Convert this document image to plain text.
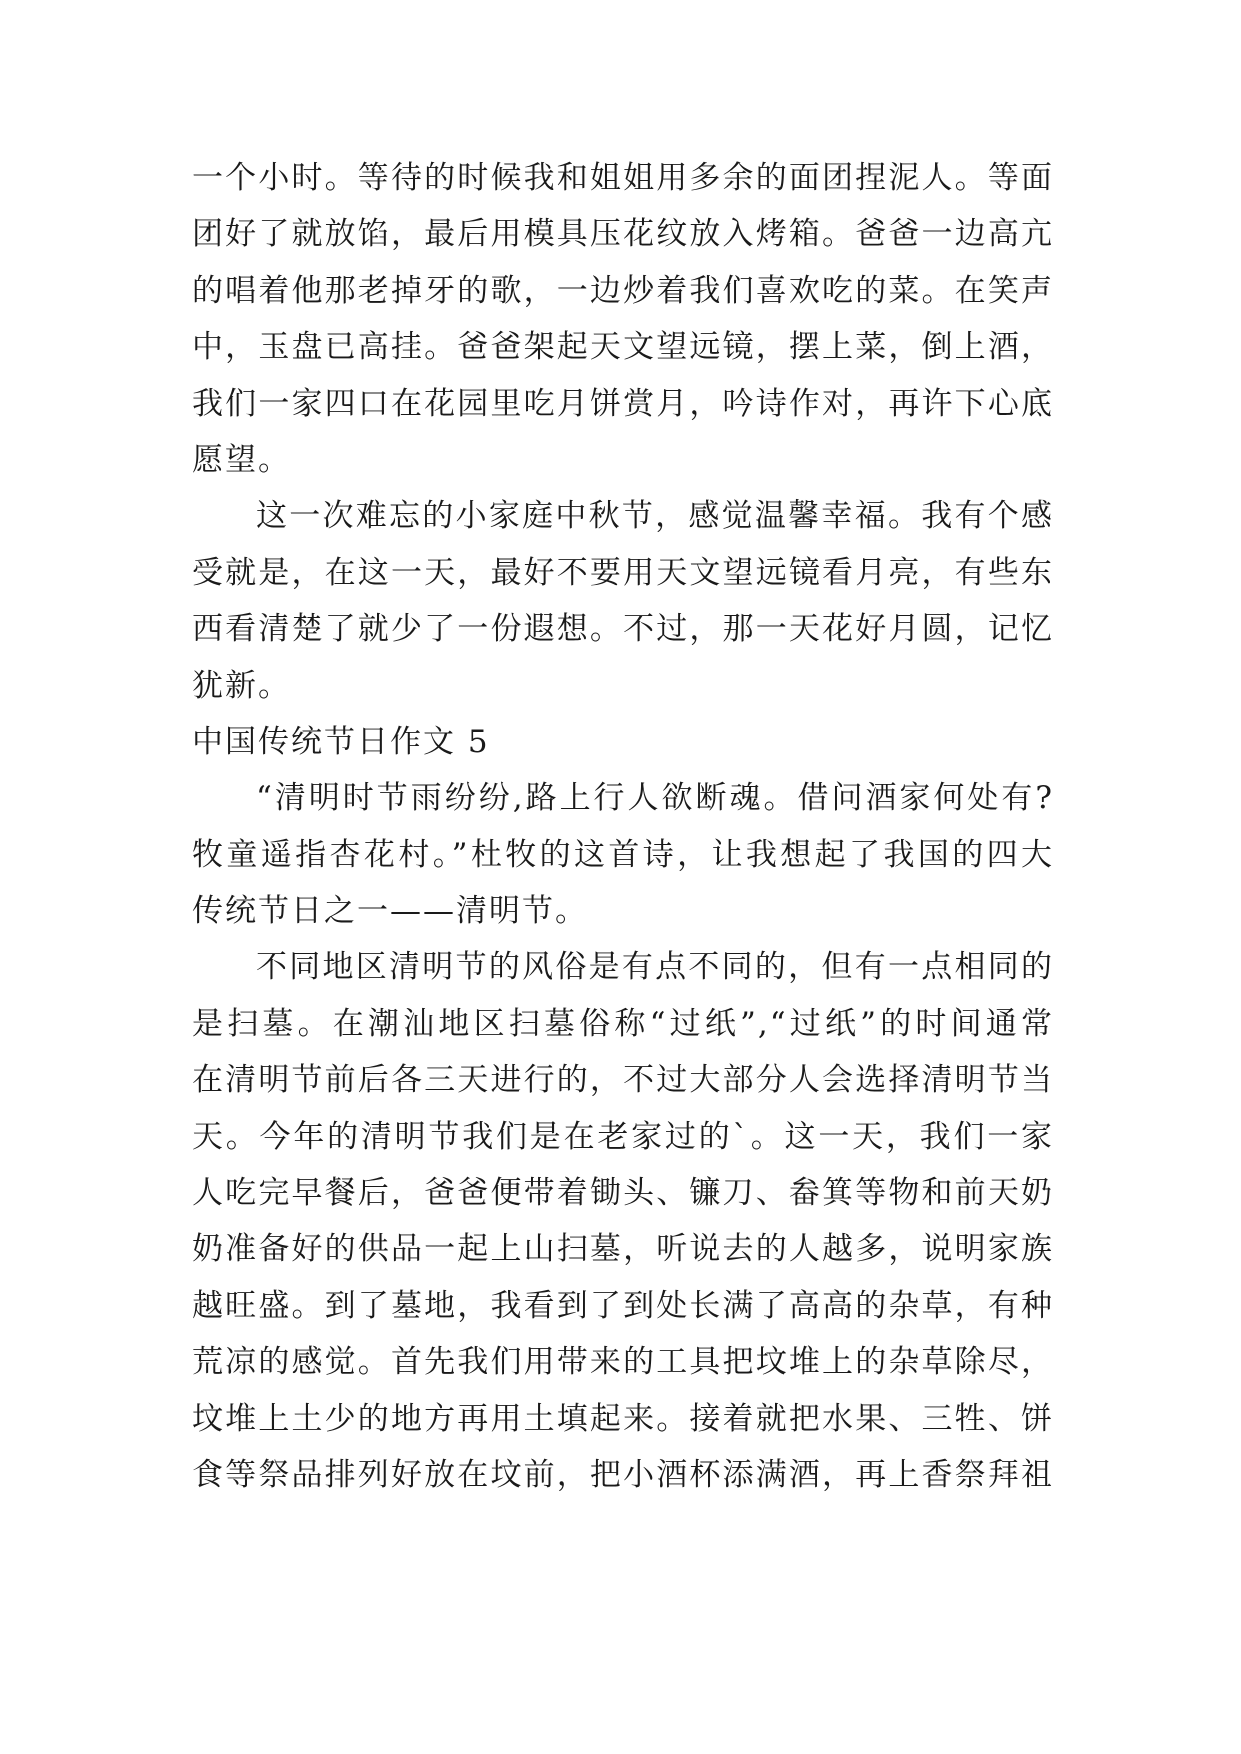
一个小时。等待的时候我和姐姐用多余的面团捏泥人。等面
团好了就放馅，最后用模具压花纹放入烤箱。爸爸一边高亢
的唱着他那老掉牙的歌，一边炒着我们喜欢吃的菜。在笑声
中，玉盘已高挂。爸爸架起天文望远镜，摆上菜，倒上酒，
我们一家四口在花园里吃月饼赏月，吟诗作对，再许下心底
愿望。
这一次难忘的小家庭中秋节，感觉温馨幸福。我有个感
受就是，在这一天，最好不要用天文望远镜看月亮，有些东
西看清楚了就少了一份遐想。不过，那一天花好月圆，记忆
犹新。
中国传统节日作文 5
“清明时节雨纷纷,路上行人欲断魂。借问酒家何处有?
牧童遥指杏花村。”杜牧的这首诗，让我想起了我国的四大
传统节日之一——清明节。
不同地区清明节的风俗是有点不同的，但有一点相同的
是扫墓。在潮汕地区扫墓俗称“过纸”,“过纸”的时间通常
在清明节前后各三天进行的，不过大部分人会选择清明节当
天。今年的清明节我们是在老家过的`。这一天，我们一家
人吃完早餐后，爸爸便带着锄头、镰刀、畚箕等物和前天奶
奶准备好的供品一起上山扫墓，听说去的人越多，说明家族
越旺盛。到了墓地，我看到了到处长满了高高的杂草，有种
荒凉的感觉。首先我们用带来的工具把坟堆上的杂草除尽，
坟堆上土少的地方再用土填起来。接着就把水果、三牲、饼
食等祭品排列好放在坟前，把小酒杯添满酒，再上香祭拜祖
